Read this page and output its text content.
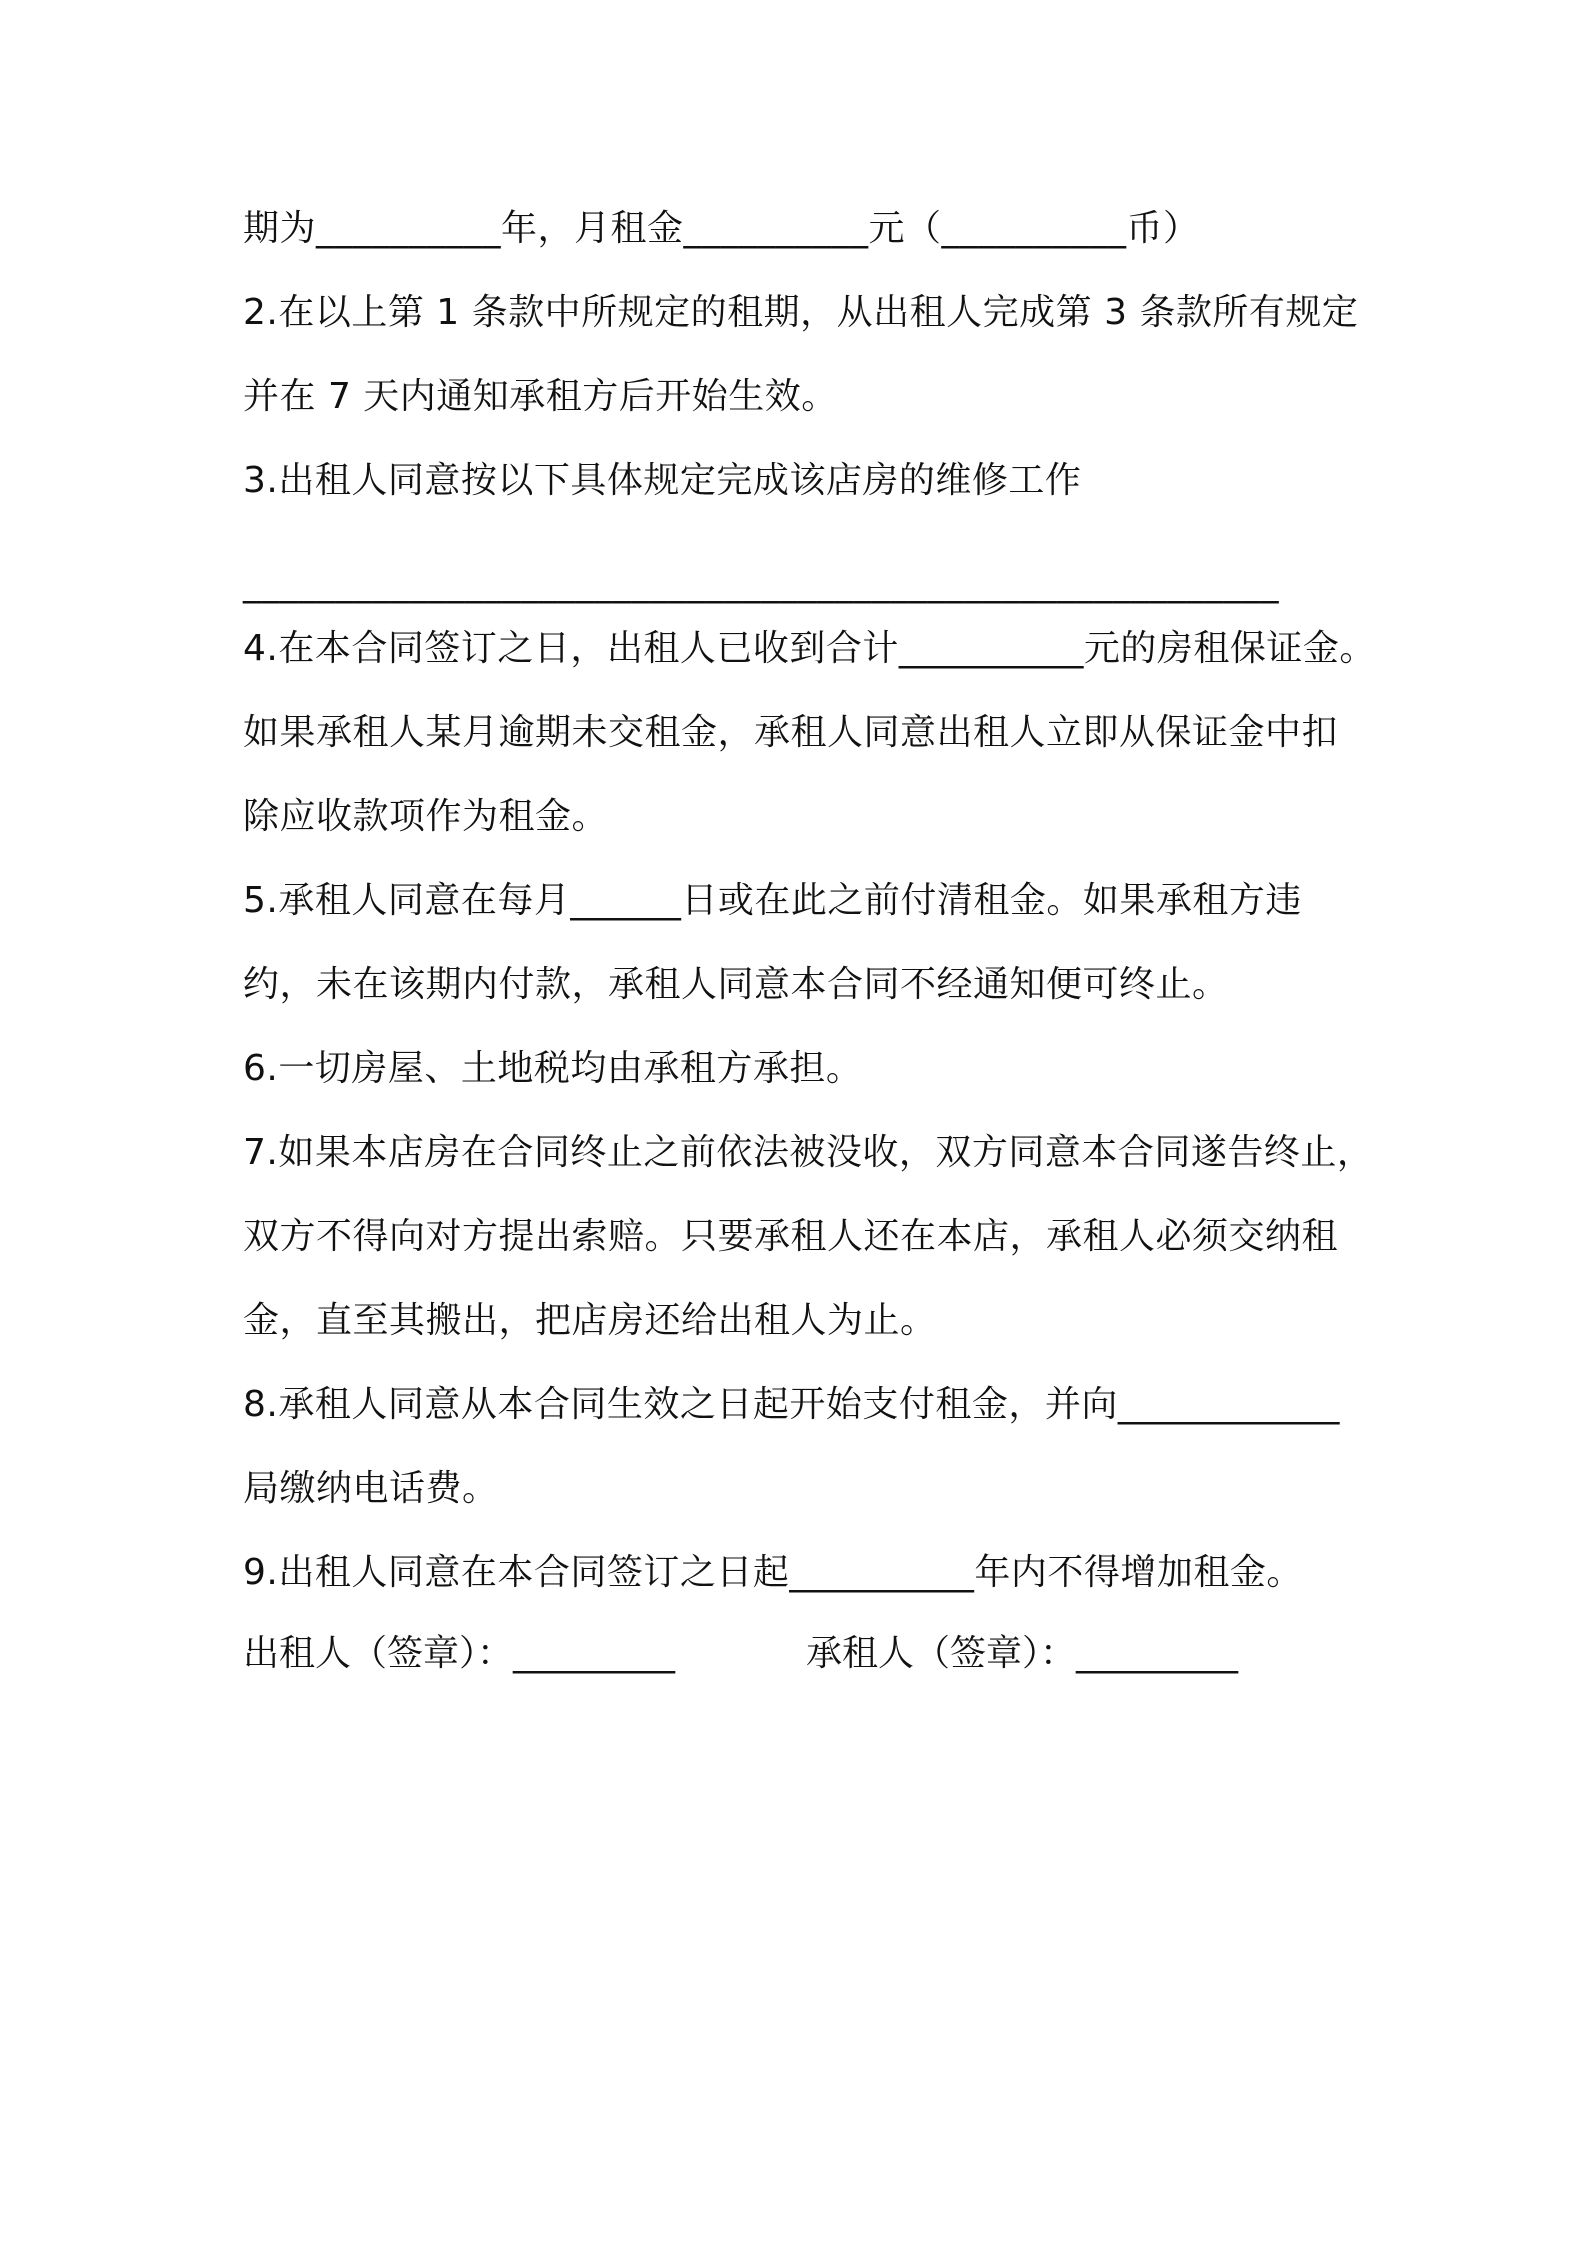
期为__________年，月租金__________元（__________币）
2.在以上第 1 条款中所规定的租期，从出租人完成第 3 条款所有规定
并在 7 天内通知承租方后开始生效。
3.出租人同意按以下具体规定完成该店房的维修工作
________________________________________________________
4.在本合同签订之日，出租人已收到合计__________元的房租保证金。
如果承租人某月逾期未交租金，承租人同意出租人立即从保证金中扣
除应收款项作为租金。
5.承租人同意在每月______日或在此之前付清租金。如果承租方违
约，未在该期内付款，承租人同意本合同不经通知便可终止。
6.一切房屋、土地税均由承租方承担。
7.如果本店房在合同终止之前依法被没收，双方同意本合同遂告终止，
双方不得向对方提出索赔。只要承租人还在本店，承租人必须交纳租
金，直至其搬出，把店房还给出租人为止。
8.承租人同意从本合同生效之日起开始支付租金，并向____________
局缴纳电话费。
9.出租人同意在本合同签订之日起__________年内不得增加租金。
出租人（签章）：_________	承租人（签章）：_________
